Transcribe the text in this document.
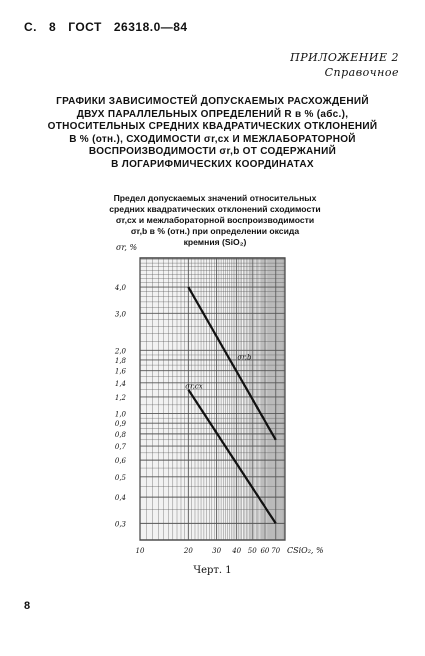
С. 8 ГОСТ 26318.0—84
ПРИЛОЖЕНИЕ 2
Справочное
ГРАФИКИ ЗАВИСИМОСТЕЙ ДОПУСКАЕМЫХ РАСХОЖДЕНИЙ
ДВУХ ПАРАЛЛЕЛЬНЫХ ОПРЕДЕЛЕНИЙ R в % (абс.),
ОТНОСИТЕЛЬНЫХ СРЕДНИХ КВАДРАТИЧЕСКИХ ОТКЛОНЕНИЙ
В % (отн.), СХОДИМОСТИ σr,сх И МЕЖЛАБОРАТОРНОЙ
ВОСПРОИЗВОДИМОСТИ σr,b ОТ СОДЕРЖАНИЙ
В ЛОГАРИФМИЧЕСКИХ КООРДИНАТАХ
Предел допускаемых значений относительных
средних квадратических отклонений сходимости
σr,сх и межлабораторной воспроизводимости
σr,b в % (отн.) при определении оксида
кремния (SiO₂)
0,3
0,4
0,5
0,6
0,7
0,8
0,9
1,0
1,2
1,4
1,6
1,8
2,0
3,0
4,0
10	20	30 40 50 60 70
σr, %
CSiO₂, %
σr,b
σr,сх
Черт. 1
8
